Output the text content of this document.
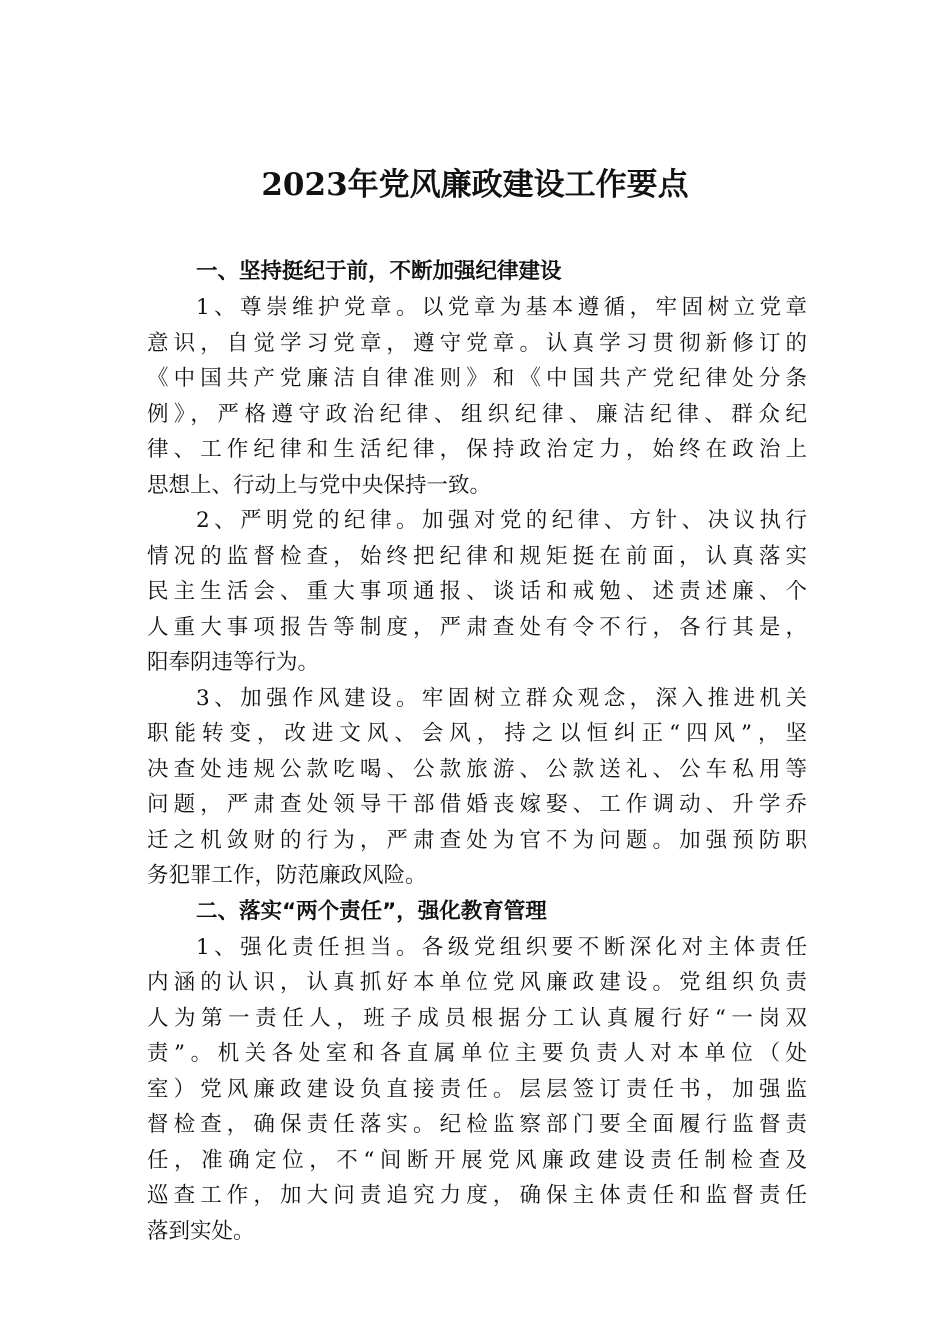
2023年党风廉政建设工作要点

一、坚持挺纪于前，不断加强纪律建设

1、尊崇维护党章。以党章为基本遵循，牢固树立党章
意识，自觉学习党章，遵守党章。认真学习贯彻新修订的
《中国共产党廉洁自律准则》和《中国共产党纪律处分条
例》，严格遵守政治纪律、组织纪律、廉洁纪律、群众纪
律、工作纪律和生活纪律，保持政治定力，始终在政治上
思想上、行动上与党中央保持一致。

2、严明党的纪律。加强对党的纪律、方针、决议执行
情况的监督检查，始终把纪律和规矩挺在前面，认真落实
民主生活会、重大事项通报、谈话和戒勉、述责述廉、个
人重大事项报告等制度，严肃查处有令不行，各行其是，
阳奉阴违等行为。

3、加强作风建设。牢固树立群众观念，深入推进机关
职能转变，改进文风、会风，持之以恒纠正“四风”，坚
决查处违规公款吃喝、公款旅游、公款送礼、公车私用等
问题，严肃查处领导干部借婚丧嫁娶、工作调动、升学乔
迁之机敛财的行为，严肃查处为官不为问题。加强预防职
务犯罪工作，防范廉政风险。

二、落实“两个责任”，强化教育管理

1、强化责任担当。各级党组织要不断深化对主体责任
内涵的认识，认真抓好本单位党风廉政建设。党组织负责
人为第一责任人，班子成员根据分工认真履行好“一岗双
责”。机关各处室和各直属单位主要负责人对本单位（处
室）党风廉政建设负直接责任。层层签订责任书，加强监
督检查，确保责任落实。纪检监察部门要全面履行监督责
任，准确定位，不“间断开展党风廉政建设责任制检查及
巡查工作，加大问责追究力度，确保主体责任和监督责任
落到实处。
